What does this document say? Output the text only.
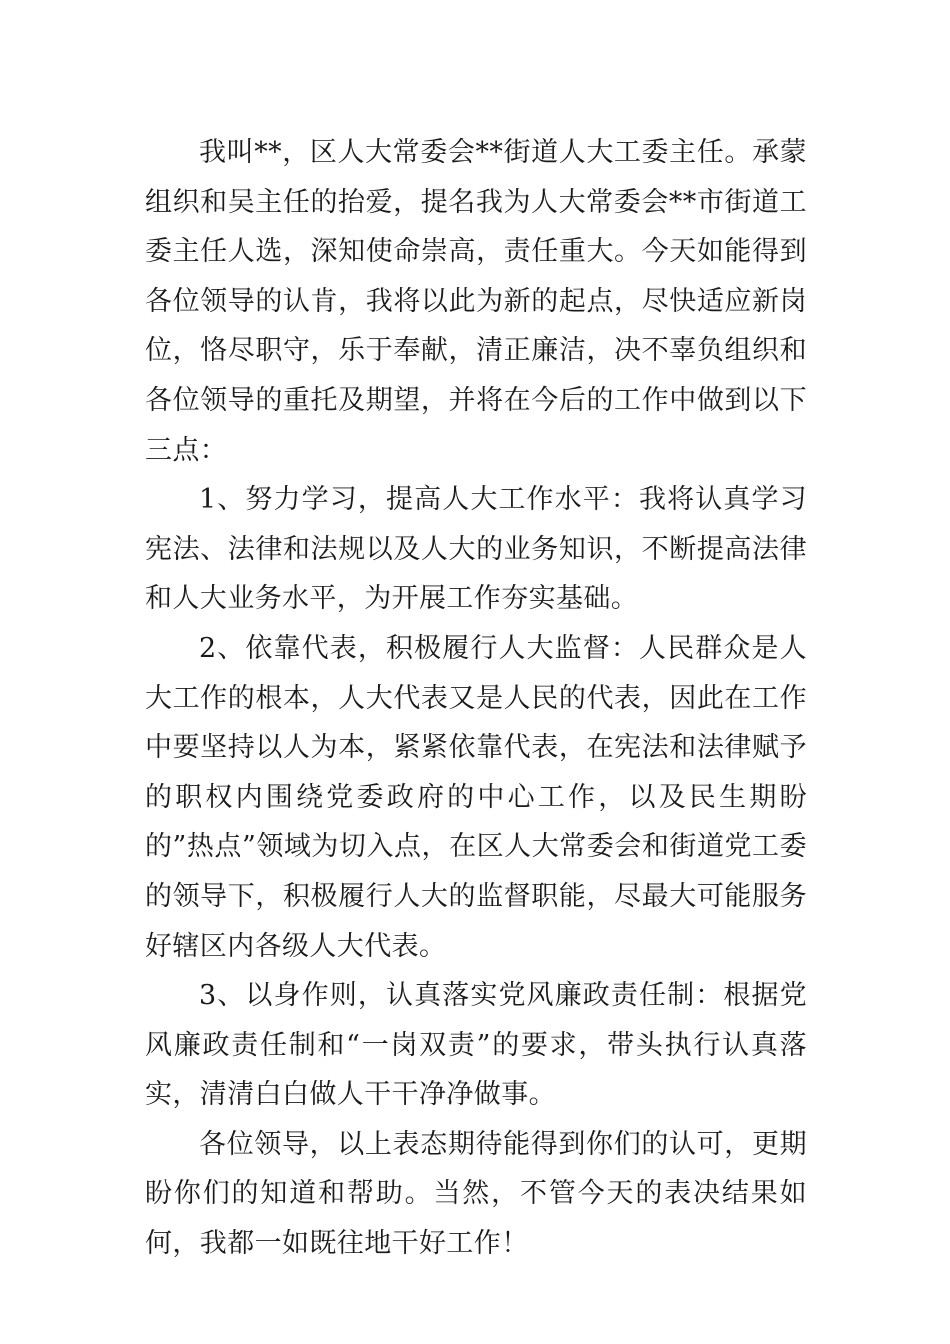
我叫**，区人大常委会**街道人大工委主任。承蒙组织和吴主任的抬爱，提名我为人大常委会**市街道工委主任人选，深知使命崇高，责任重大。今天如能得到各位领导的认肯，我将以此为新的起点，尽快适应新岗位，恪尽职守，乐于奉献，清正廉洁，决不辜负组织和各位领导的重托及期望，并将在今后的工作中做到以下三点：

1、努力学习，提高人大工作水平：我将认真学习宪法、法律和法规以及人大的业务知识，不断提高法律和人大业务水平，为开展工作夯实基础。

2、依靠代表，积极履行人大监督：人民群众是人大工作的根本，人大代表又是人民的代表，因此在工作中要坚持以人为本，紧紧依靠代表，在宪法和法律赋予的职权内围绕党委政府的中心工作，以及民生期盼的”热点”领域为切入点，在区人大常委会和街道党工委的领导下，积极履行人大的监督职能，尽最大可能服务好辖区内各级人大代表。

3、以身作则，认真落实党风廉政责任制：根据党风廉政责任制和“一岗双责”的要求，带头执行认真落实，清清白白做人干干净净做事。

各位领导，以上表态期待能得到你们的认可，更期盼你们的知道和帮助。当然，不管今天的表决结果如何，我都一如既往地干好工作！
